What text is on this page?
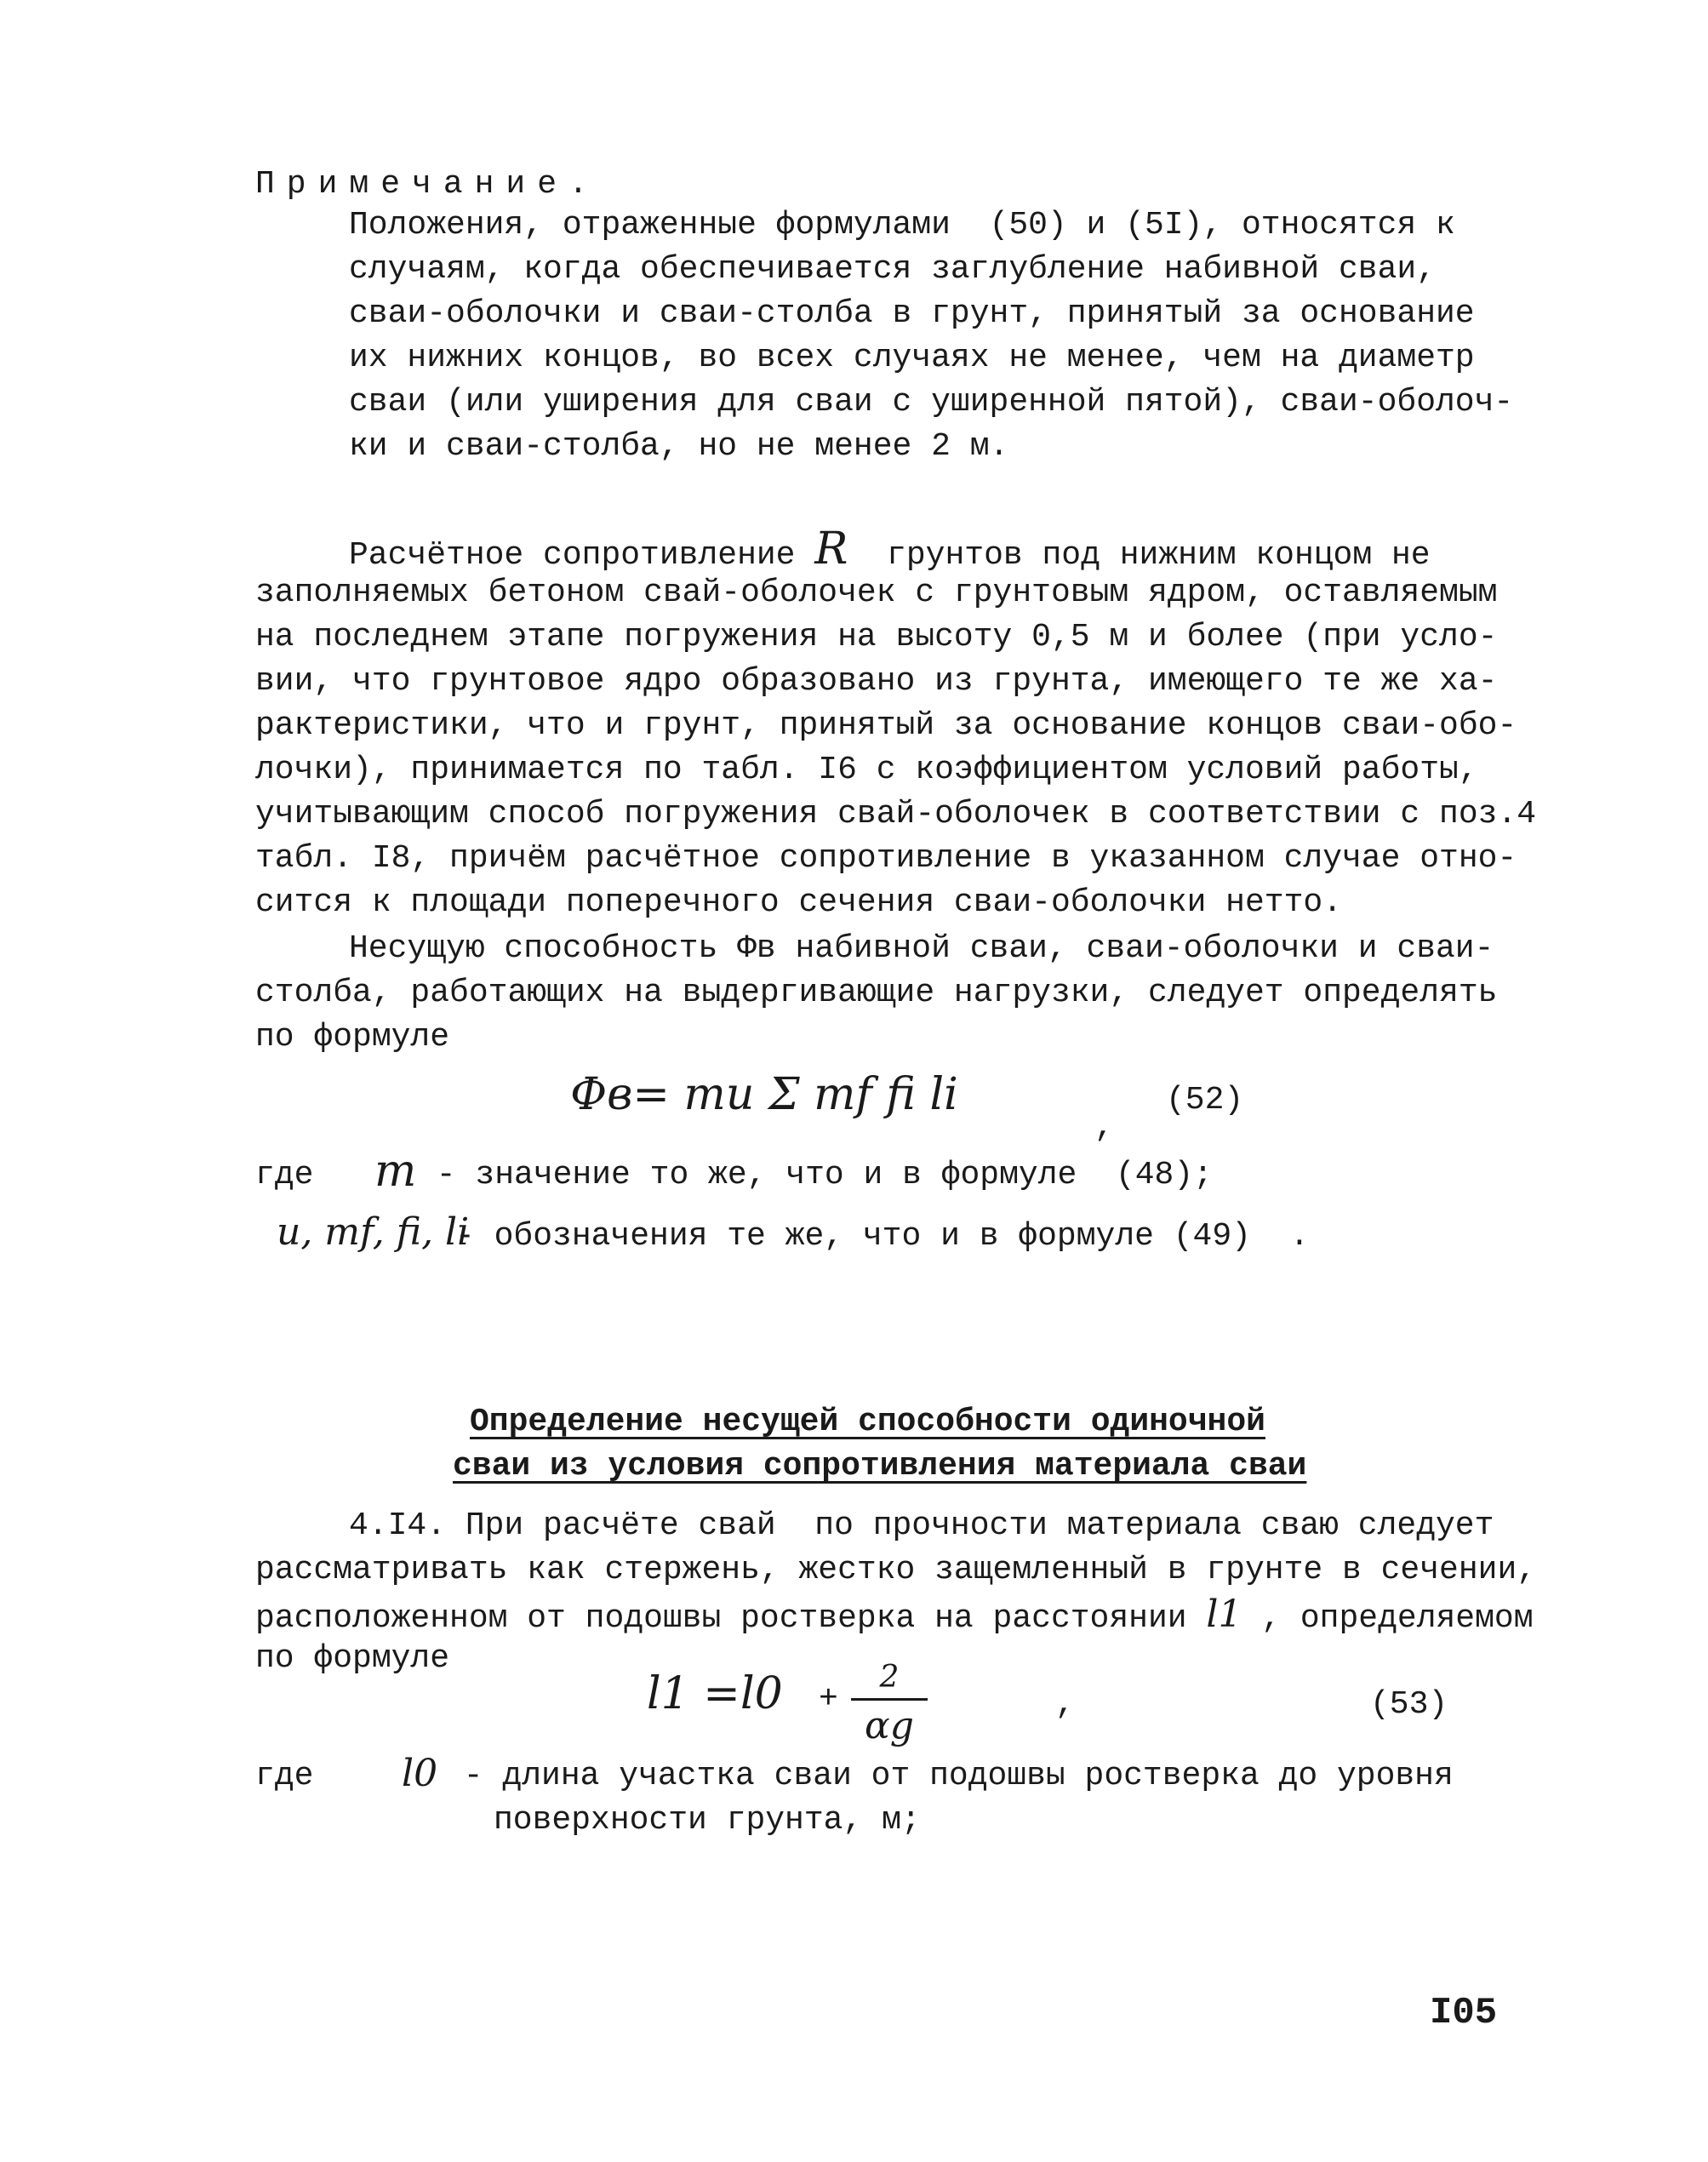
Примечание.
Положения, отраженные формулами  (50) и (5I), относятся к
случаям, когда обеспечивается заглубление набивной сваи,
сваи-оболочки и сваи-столба в грунт, принятый за основание
их нижних концов, во всех случаях не менее, чем на диаметр
сваи (или уширения для сваи с уширенной пятой), сваи-оболоч-
ки и сваи-столба, но не менее 2 м.
Расчётное сопротивление R  грунтов под нижним концом не
заполняемых бетоном свай-оболочек с грунтовым ядром, оставляемым
на последнем этапе погружения на высоту 0,5 м и более (при усло-
вии, что грунтовое ядро образовано из грунта, имеющего те же ха-
рактеристики, что и грунт, принятый за основание концов сваи-обо-
лочки), принимается по табл. I6 с коэффициентом условий работы,
учитывающим способ погружения свай-оболочек в соответствии с поз.4
табл. I8, причём расчётное сопротивление в указанном случае отно-
сится к площади поперечного сечения сваи-оболочки нетто.
Несущую способность Фв набивной сваи, сваи-оболочки и сваи-
столба, работающих на выдергивающие нагрузки, следует определять
по формуле
Фв= mu Σ mf fi li	(52)
,
где m - значение то же, что и в формуле  (48);
u, mf, fi, li
- обозначения те же, что и в формуле (49)  .
Определение несущей способности одиночной
сваи из условия сопротивления материала сваи
4.I4. При расчёте свай  по прочности материала сваю следует
рассматривать как стержень, жестко защемленный в грунте в сечении,
расположенном от подошвы ростверка на расстоянии l1 , определяемом
по формуле
l1 = l0 +
2
αg	,	(53)
где l0 - длина участка сваи от подошвы ростверка до уровня
поверхности грунта, м;
I05
